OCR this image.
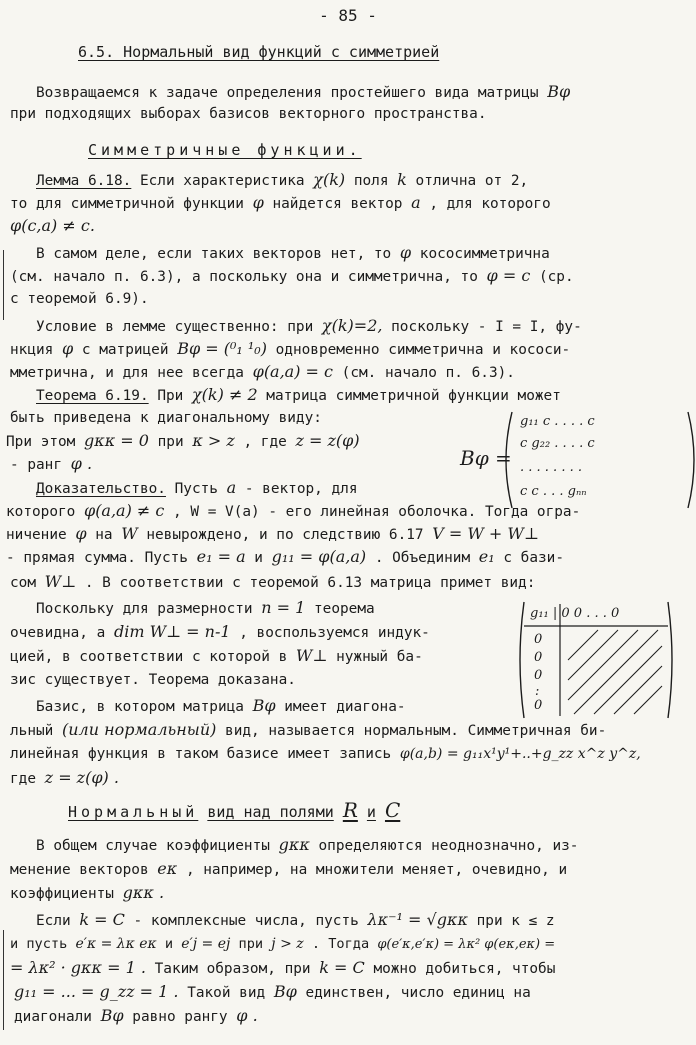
- 85 -
6.5. Нормальный вид функций с симметрией
Возвращаемся к задаче определения простейшего вида матрицы Bφ
при подходящих выборах базисов векторного пространства.
Симметричные функции.
Лемма 6.18. Если характеристика χ(k) поля k отлична от 2,
то для симметричной функции φ найдется вектор a , для которого
φ(c,a) ≠ c.
В самом деле, если таких векторов нет, то φ кососимметрична
(см. начало п. 6.3), а поскольку она и симметрична, то φ = c (ср.
с теоремой 6.9).
Условие в лемме существенно: при χ(k)=2, поскольку - I = I, фу-
нкция φ с матрицей Bφ = (⁰₁ ¹₀) одновременно симметрична и кососи-
мметрична, и для нее всегда φ(a,a) = c (см. начало п. 6.3).
Теорема 6.19. При χ(k) ≠ 2 матрица симметричной функции может
быть приведена к диагональному виду:
При этом gκκ = 0 при κ > z , где z = z(φ)
- ранг φ .	Bφ =
g₁₁ c . . . . c
c g₂₂ . . . . c
. . . . . . . .
c c . . . gₙₙ
Доказательство. Пусть a - вектор, для
которого φ(a,a) ≠ c , W = V(a) - его линейная оболочка. Тогда огра-
ничение φ на W невырождено, и по следствию 6.17 V = W + W⊥
- прямая сумма. Пусть e₁ = a и g₁₁ = φ(a,a) . Объединим e₁ с бази-
сом W⊥ . В соответствии с теоремой 6.13 матрица примет вид:
Поскольку для размерности n = 1 теорема
очевидна, а dim W⊥ = n-1 , воспользуемся индук-
цией, в соответствии с которой в W⊥ нужный ба-
зис существует. Теорема доказана.
g₁₁ | 0 0 . . . 0
0
0
0
:
0
Базис, в котором матрица Bφ имеет диагона-
льный (или нормальный) вид, называется нормальным. Симметричная би-
линейная функция в таком базисе имеет запись φ(a,b) = g₁₁x¹y¹+..+g_zz x^z y^z,
где z = z(φ) .
Нормальный вид над полями R и C
В общем случае коэффициенты gκκ определяются неоднозначно, из-
менение векторов eκ , например, на множители меняет, очевидно, и
коэффициенты gκκ .
Если k = C - комплексные числа, пусть λκ⁻¹ = √gκκ при κ ≤ z
и пусть e′κ = λκ eκ и e′j = ej при j > z . Тогда φ(e′κ,e′κ) = λκ² φ(eκ,eκ) =
= λκ² · gκκ = 1 . Таким образом, при k = C можно добиться, чтобы
g₁₁ = ... = g_zz = 1 . Такой вид Bφ единствен, число единиц на
диагонали Bφ равно рангу φ .
